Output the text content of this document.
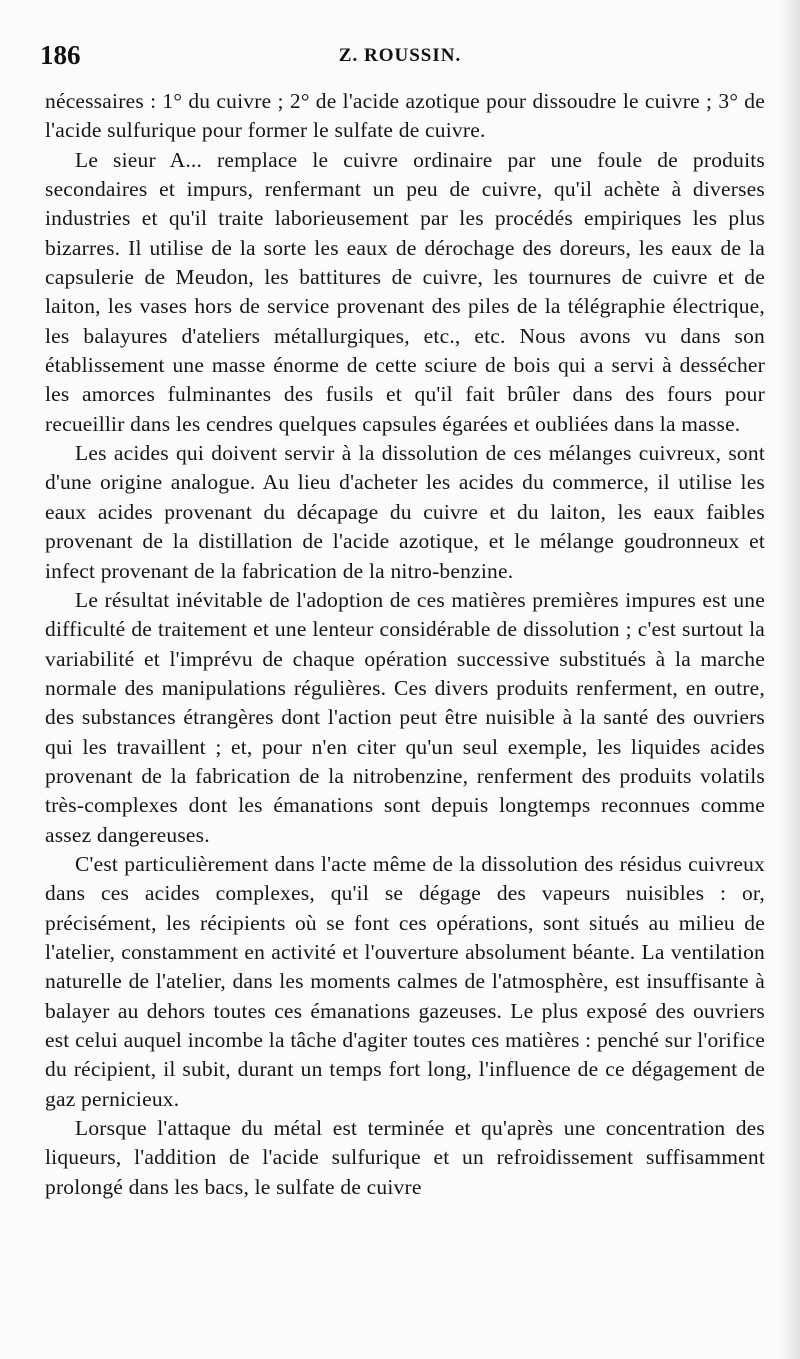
186	Z. ROUSSIN.

nécessaires : 1° du cuivre ; 2° de l'acide azotique pour dissoudre le cuivre ; 3° de l'acide sulfurique pour former le sulfate de cuivre.

Le sieur A... remplace le cuivre ordinaire par une foule de produits secondaires et impurs, renfermant un peu de cuivre, qu'il achète à diverses industries et qu'il traite laborieusement par les procédés empiriques les plus bizarres. Il utilise de la sorte les eaux de dérochage des doreurs, les eaux de la capsulerie de Meudon, les battitures de cuivre, les tournures de cuivre et de laiton, les vases hors de service provenant des piles de la télégraphie électrique, les balayures d'ateliers métallurgiques, etc., etc. Nous avons vu dans son établissement une masse énorme de cette sciure de bois qui a servi à dessécher les amorces fulminantes des fusils et qu'il fait brûler dans des fours pour recueillir dans les cendres quelques capsules égarées et oubliées dans la masse.

Les acides qui doivent servir à la dissolution de ces mélanges cuivreux, sont d'une origine analogue. Au lieu d'acheter les acides du commerce, il utilise les eaux acides provenant du décapage du cuivre et du laiton, les eaux faibles provenant de la distillation de l'acide azotique, et le mélange goudronneux et infect provenant de la fabrication de la nitro-benzine.

Le résultat inévitable de l'adoption de ces matières premières impures est une difficulté de traitement et une lenteur considérable de dissolution ; c'est surtout la variabilité et l'imprévu de chaque opération successive substitués à la marche normale des manipulations régulières. Ces divers produits renferment, en outre, des substances étrangères dont l'action peut être nuisible à la santé des ouvriers qui les travaillent ; et, pour n'en citer qu'un seul exemple, les liquides acides provenant de la fabrication de la nitrobenzine, renferment des produits volatils très-complexes dont les émanations sont depuis longtemps reconnues comme assez dangereuses.

C'est particulièrement dans l'acte même de la dissolution des résidus cuivreux dans ces acides complexes, qu'il se dégage des vapeurs nuisibles : or, précisément, les récipients où se font ces opérations, sont situés au milieu de l'atelier, constamment en activité et l'ouverture absolument béante. La ventilation naturelle de l'atelier, dans les moments calmes de l'atmosphère, est insuffisante à balayer au dehors toutes ces émanations gazeuses. Le plus exposé des ouvriers est celui auquel incombe la tâche d'agiter toutes ces matières : penché sur l'orifice du récipient, il subit, durant un temps fort long, l'influence de ce dégagement de gaz pernicieux.

Lorsque l'attaque du métal est terminée et qu'après une concentration des liqueurs, l'addition de l'acide sulfurique et un refroidissement suffisamment prolongé dans les bacs, le sulfate de cuivre
